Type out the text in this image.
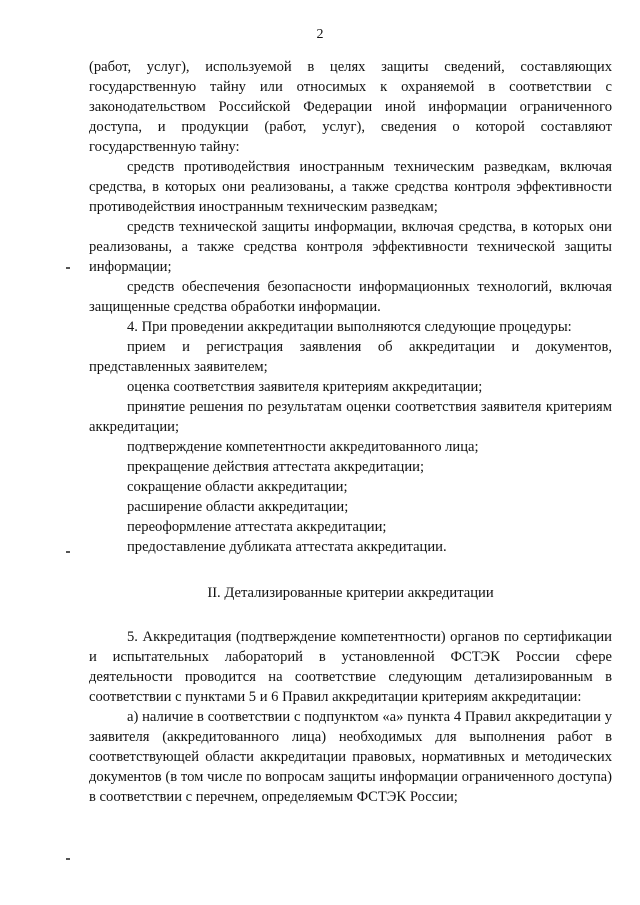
2

(работ, услуг), используемой в целях защиты сведений, составляющих государственную тайну или относимых к охраняемой в соответствии с законодательством Российской Федерации иной информации ограниченного доступа, и продукции (работ, услуг), сведения о которой составляют государственную тайну:

средств противодействия иностранным техническим разведкам, включая средства, в которых они реализованы, а также средства контроля эффективности противодействия иностранным техническим разведкам;

средств технической защиты информации, включая средства, в которых они реализованы, а также средства контроля эффективности технической защиты информации;

средств обеспечения безопасности информационных технологий, включая защищенные средства обработки информации.

4. При проведении аккредитации выполняются следующие процедуры:

прием и регистрация заявления об аккредитации и документов, представленных заявителем;

оценка соответствия заявителя критериям аккредитации;

принятие решения по результатам оценки соответствия заявителя критериям аккредитации;

подтверждение компетентности аккредитованного лица;

прекращение действия аттестата аккредитации;

сокращение области аккредитации;

расширение области аккредитации;

переоформление аттестата аккредитации;

предоставление дубликата аттестата аккредитации.

II. Детализированные критерии аккредитации

5. Аккредитация (подтверждение компетентности) органов по сертификации и испытательных лабораторий в установленной ФСТЭК России сфере деятельности проводится на соответствие следующим детализированным в соответствии с пунктами 5 и 6 Правил аккредитации критериям аккредитации:

а) наличие в соответствии с подпунктом «а» пункта 4 Правил аккредитации у заявителя (аккредитованного лица) необходимых для выполнения работ в соответствующей области аккредитации правовых, нормативных и методических документов (в том числе по вопросам защиты информации ограниченного доступа) в соответствии с перечнем, определяемым ФСТЭК России;
